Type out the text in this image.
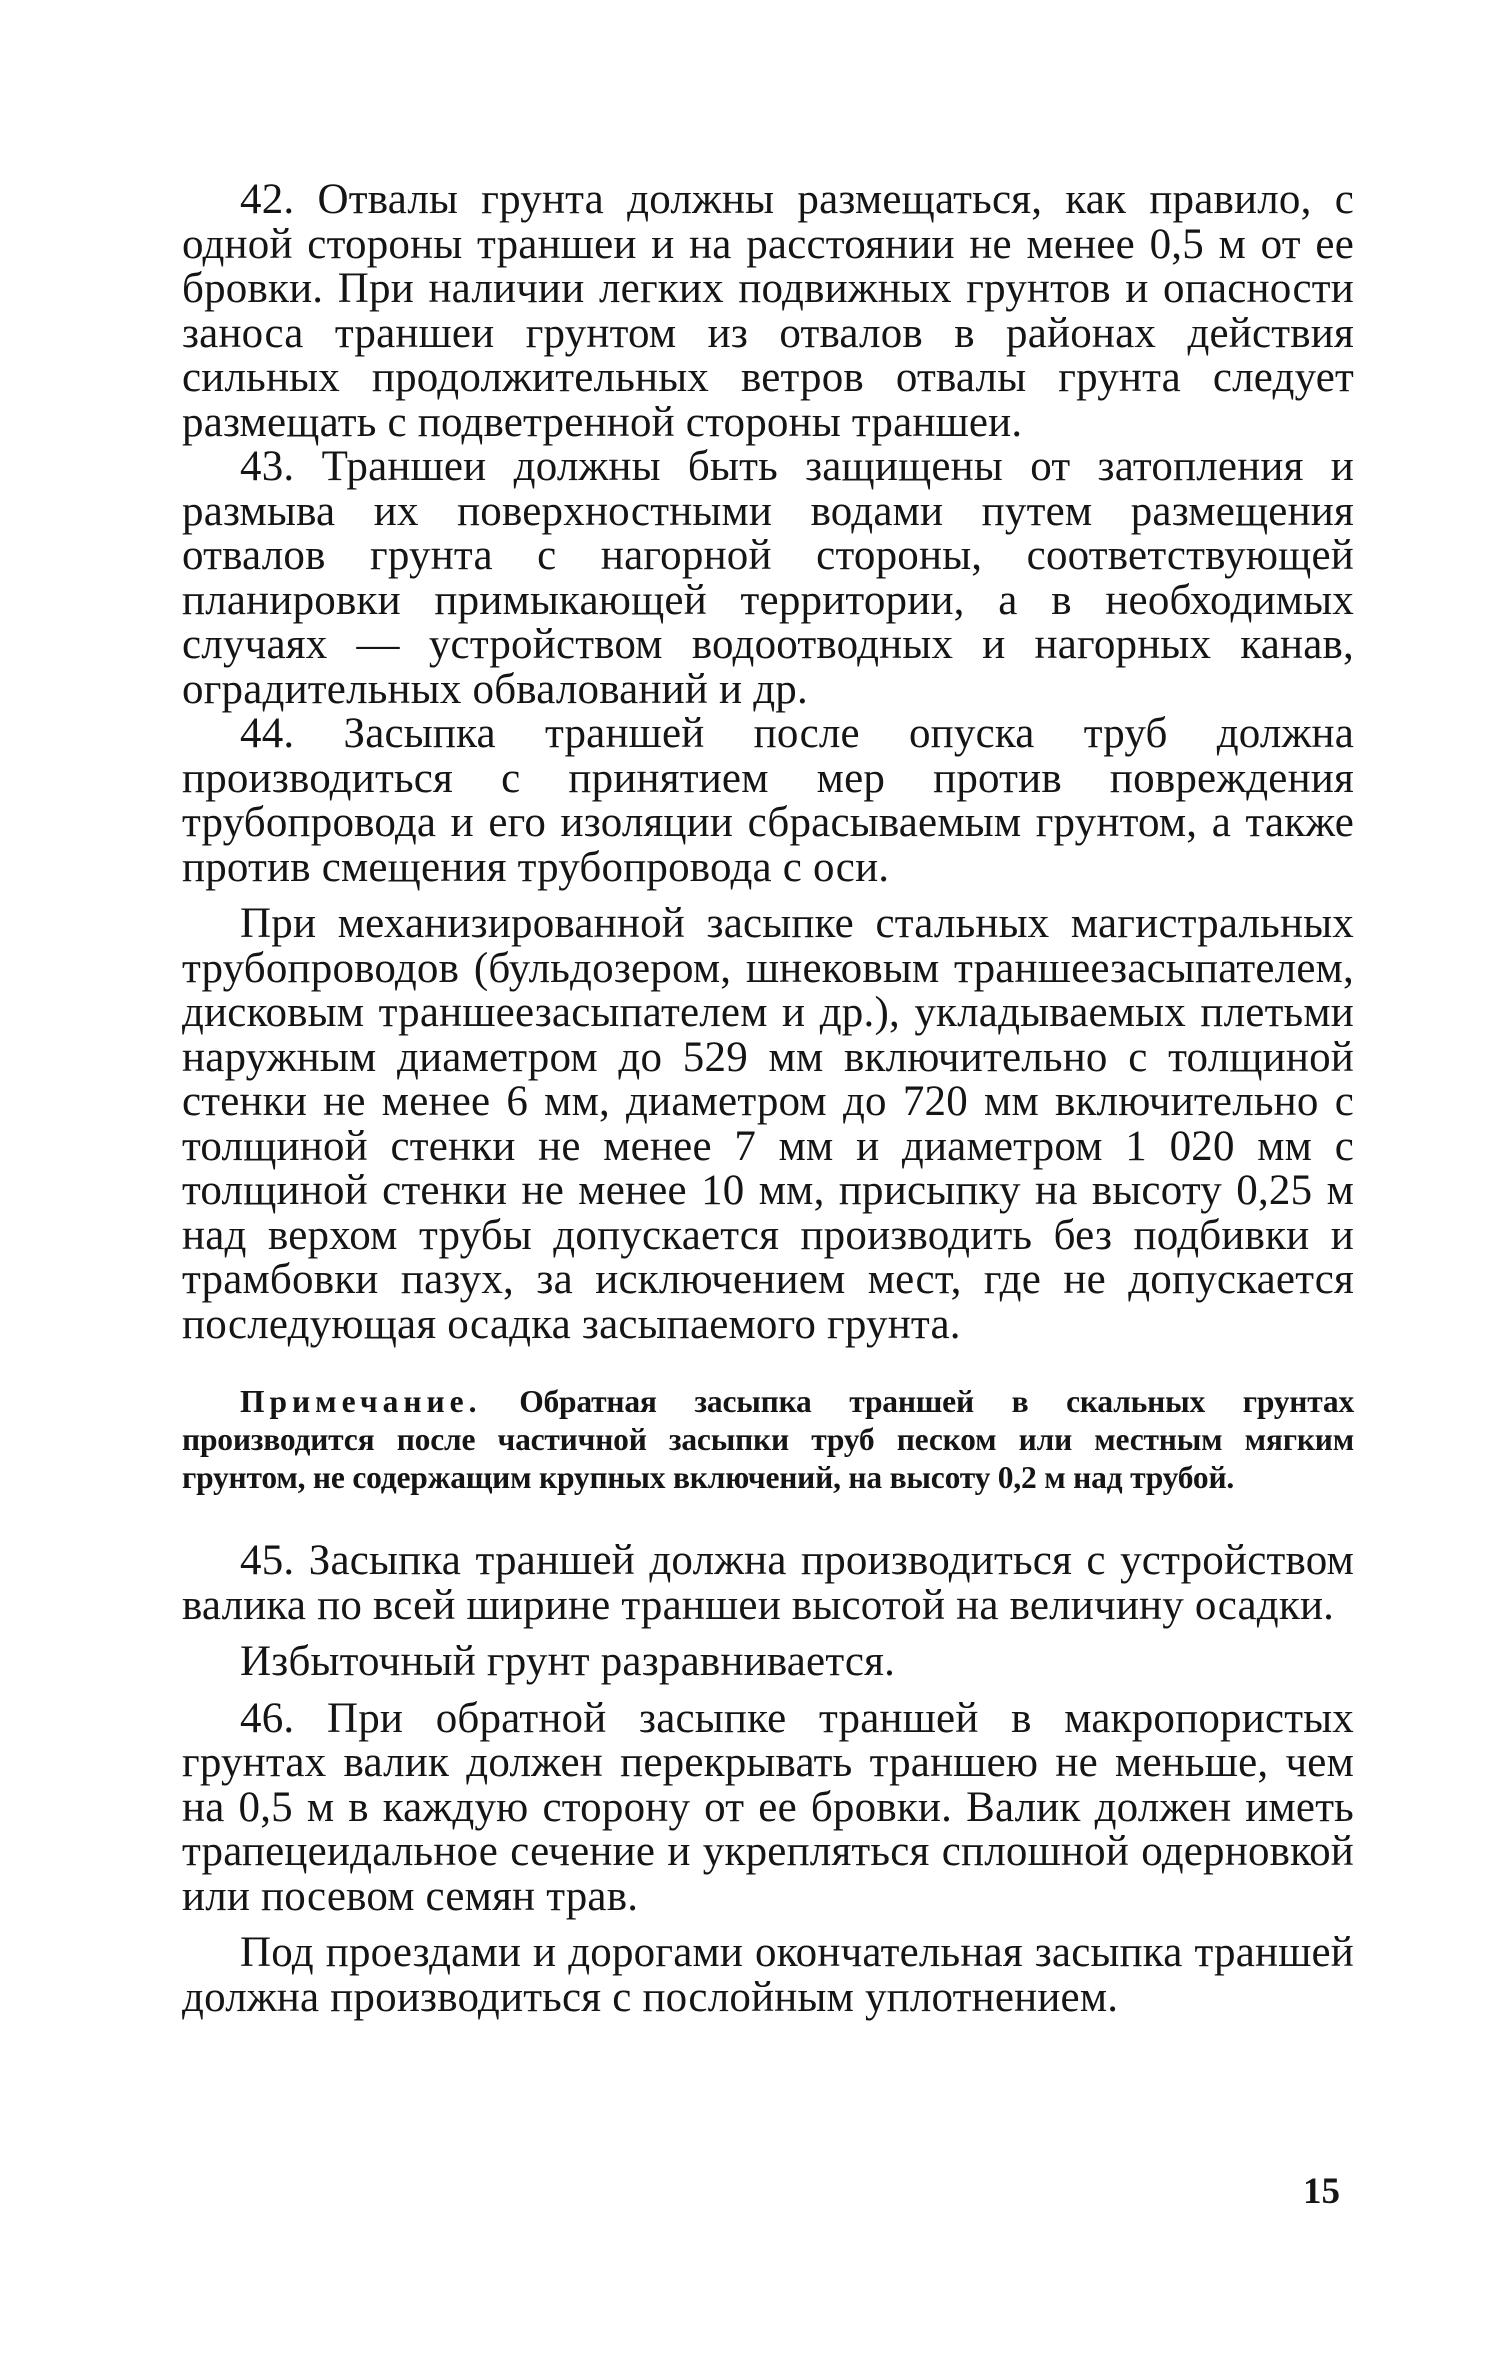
42. Отвалы грунта должны размещаться, как правило, с одной стороны траншеи и на расстоянии не менее 0,5 м от ее бровки. При наличии легких подвижных грунтов и опасности заноса траншеи грунтом из отвалов в районах действия сильных продолжительных ветров отвалы грунта следует размещать с подветренной стороны траншеи.

43. Траншеи должны быть защищены от затопления и размыва их поверхностными водами путем размещения отвалов грунта с нагорной стороны, соответствующей планировки примыкающей территории, а в необходимых случаях — устройством водоотводных и нагорных канав, оградительных обвалований и др.

44. Засыпка траншей после опуска труб должна производиться с принятием мер против повреждения трубопровода и его изоляции сбрасываемым грунтом, а также против смещения трубопровода с оси.

При механизированной засыпке стальных магистральных трубопроводов (бульдозером, шнековым траншеезасыпателем, дисковым траншеезасыпателем и др.), укладываемых плетьми наружным диаметром до 529 мм включительно с толщиной стенки не менее 6 мм, диаметром до 720 мм включительно с толщиной стенки не менее 7 мм и диаметром 1 020 мм с толщиной стенки не менее 10 мм, присыпку на высоту 0,25 м над верхом трубы допускается производить без подбивки и трамбовки пазух, за исключением мест, где не допускается последующая осадка засыпаемого грунта.

Примечание. Обратная засыпка траншей в скальных грунтах производится после частичной засыпки труб песком или местным мягким грунтом, не содержащим крупных включений, на высоту 0,2 м над трубой.

45. Засыпка траншей должна производиться с устройством валика по всей ширине траншеи высотой на величину осадки.

Избыточный грунт разравнивается.

46. При обратной засыпке траншей в макропористых грунтах валик должен перекрывать траншею не меньше, чем на 0,5 м в каждую сторону от ее бровки. Валик должен иметь трапецеидальное сечение и укрепляться сплошной одерновкой или посевом семян трав.

Под проездами и дорогами окончательная засыпка траншей должна производиться с послойным уплотнением.

15
